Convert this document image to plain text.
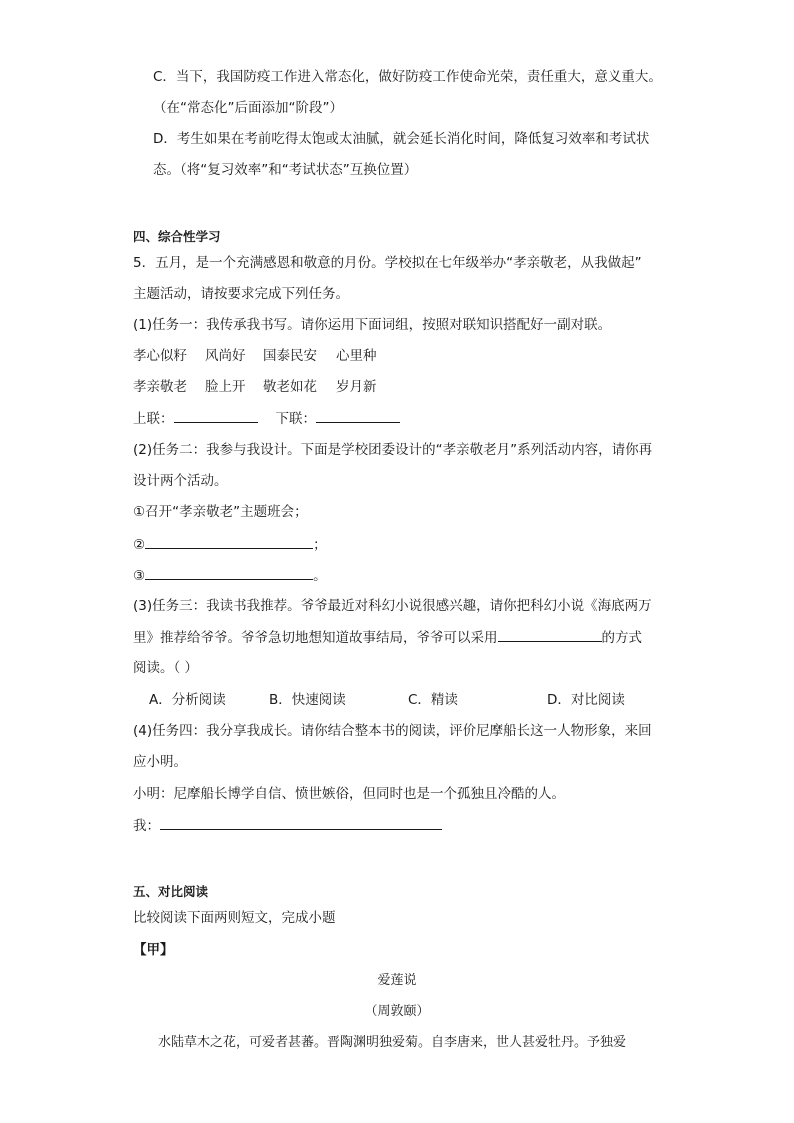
C．当下，我国防疫工作进入常态化，做好防疫工作使命光荣，责任重大，意义重大。
（在“常态化”后面添加“阶段”）
D．考生如果在考前吃得太饱或太油腻，就会延长消化时间，降低复习效率和考试状
态。（将“复习效率”和“考试状态”互换位置）
四、综合性学习
5．五月，是一个充满感恩和敬意的月份。学校拟在七年级举办“孝亲敬老，从我做起”
主题活动，请按要求完成下列任务。
(1)任务一：我传承我书写。请你运用下面词组，按照对联知识搭配好一副对联。
孝心似籽 风尚好 国泰民安 心里种
孝亲敬老 脸上开 敬老如花 岁月新
上联：	下联：
(2)任务二：我参与我设计。下面是学校团委设计的“孝亲敬老月”系列活动内容，请你再
设计两个活动。
①召开“孝亲敬老”主题班会；
②	；
③	。
(3)任务三：我读书我推荐。爷爷最近对科幻小说很感兴趣，请你把科幻小说《海底两万
里》推荐给爷爷。爷爷急切地想知道故事结局，爷爷可以采用	的方式
阅读。（ ）
A．分析阅读	B．快速阅读	C．精读	D．对比阅读
(4)任务四：我分享我成长。请你结合整本书的阅读，评价尼摩船长这一人物形象，来回
应小明。
小明：尼摩船长博学自信、愤世嫉俗，但同时也是一个孤独且冷酷的人。
我：
五、对比阅读
比较阅读下面两则短文，完成小题
【甲】
爱莲说
（周敦颐）
水陆草木之花，可爱者甚蕃。晋陶渊明独爱菊。自李唐来，世人甚爱牡丹。予独爱
